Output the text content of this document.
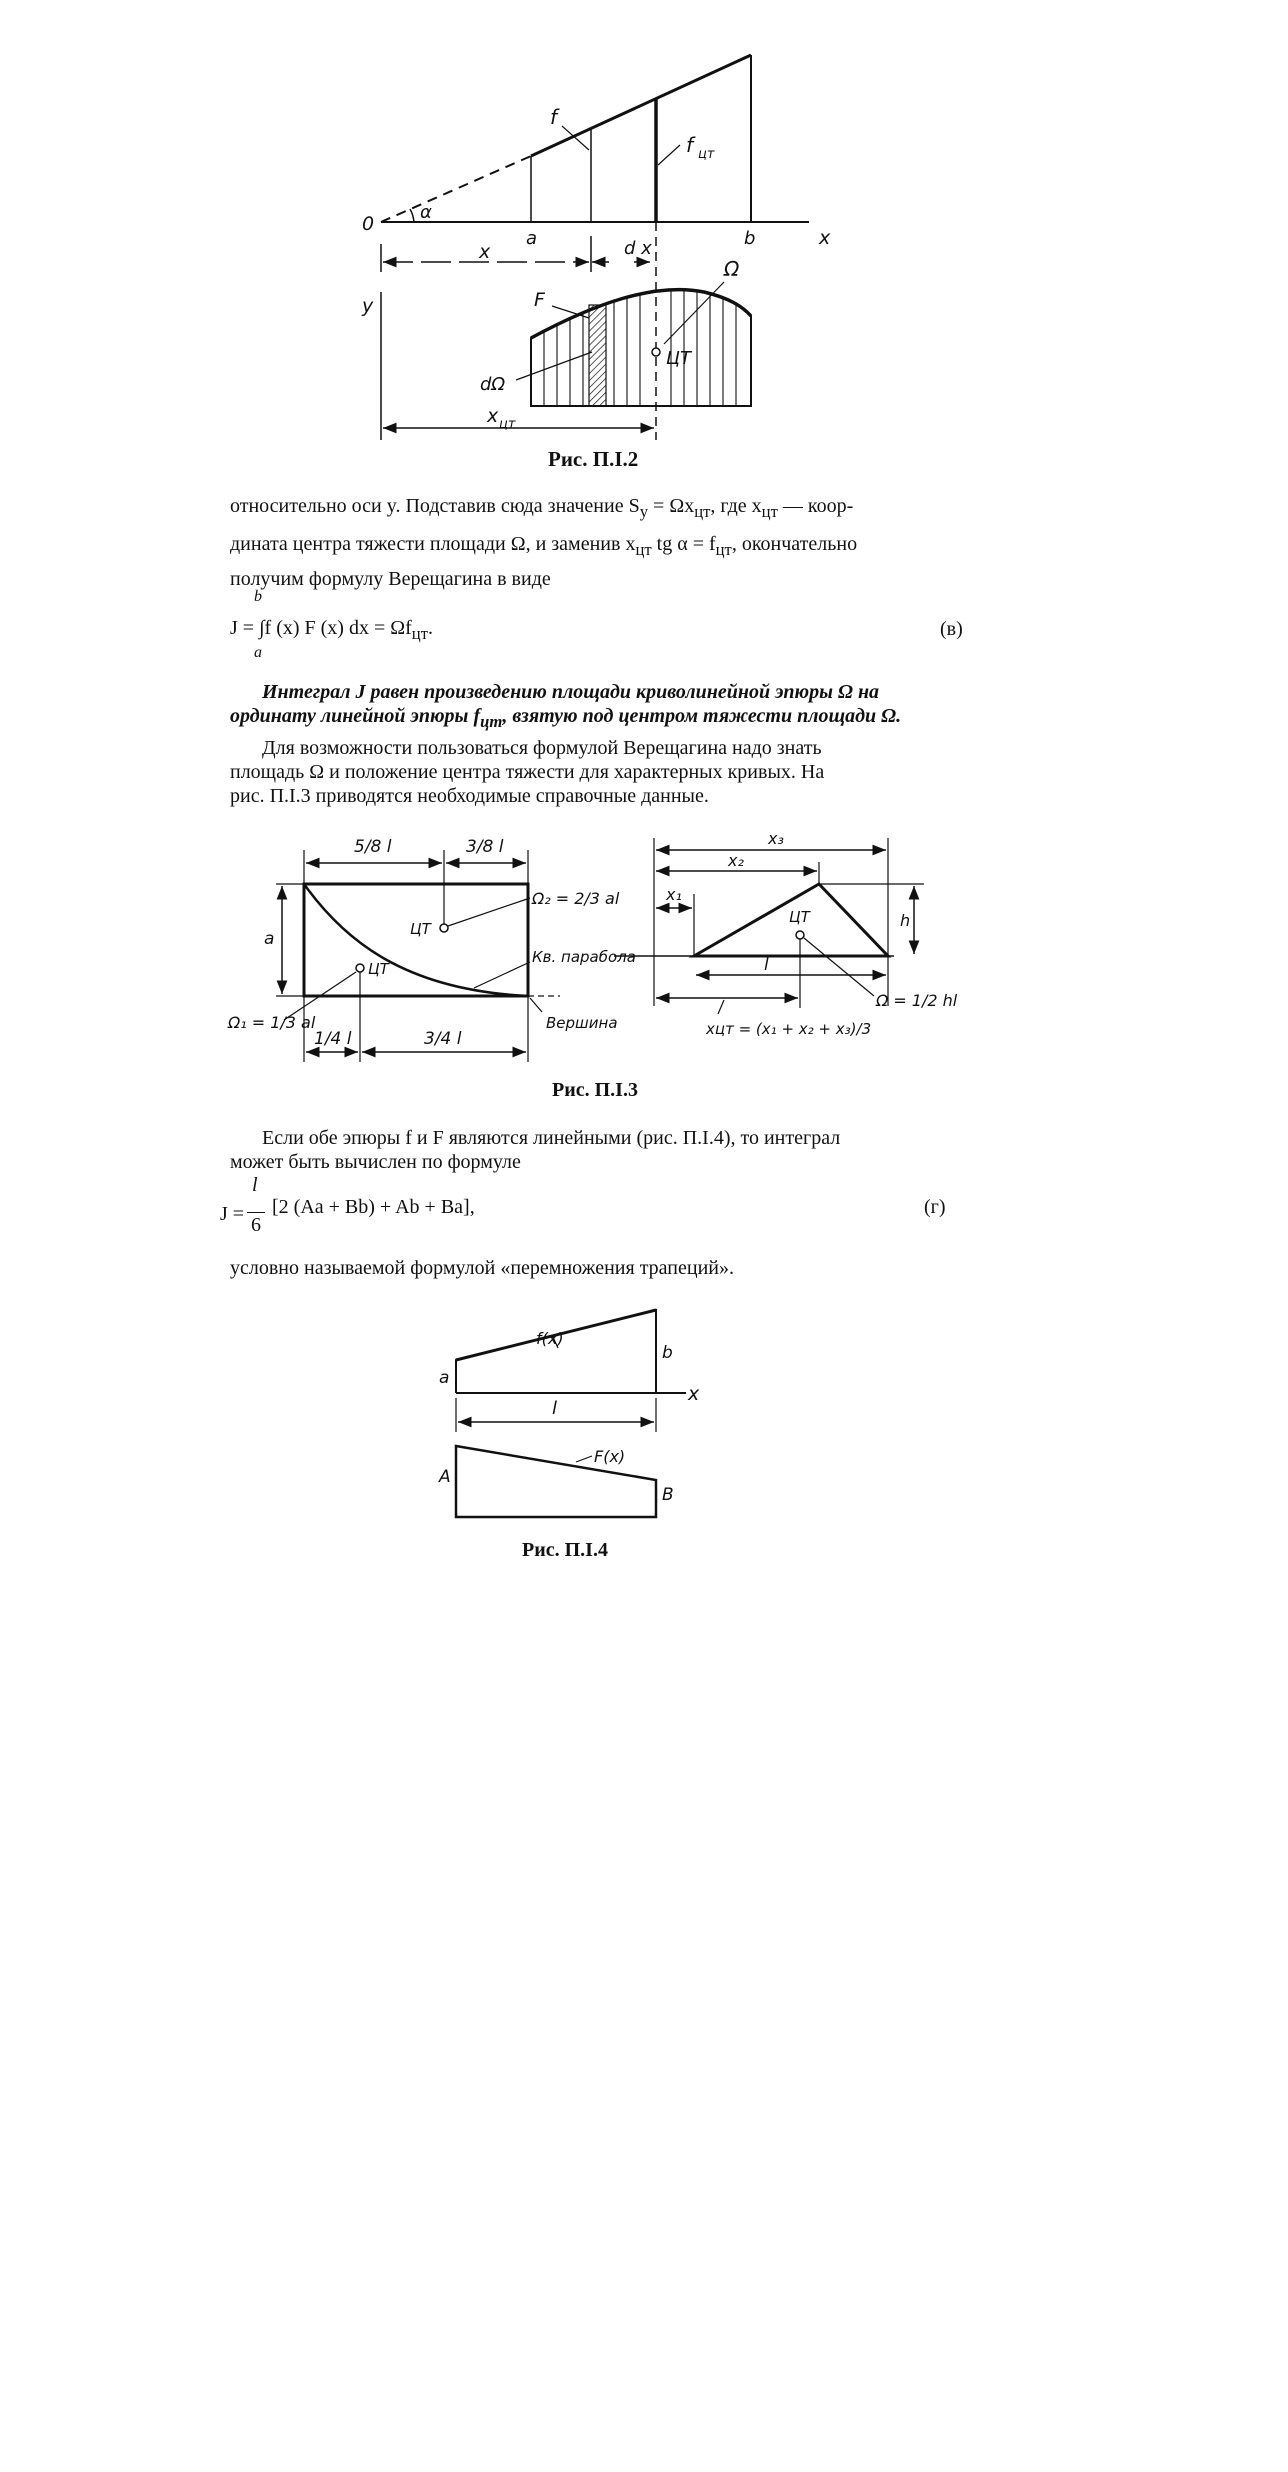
0
α
f
f цт
a	b	x
x	d x
y
ЦТ
Ω
F
dΩ
x цт
Рис. П.I.2

относительно оси y. Подставив сюда значение $S_y = \Omega x_{цт}$, где $x_{цт}$ — коор-

дината центра тяжести площади Ω, и заменив $x_{цт}$ tg $\alpha = f_{цт}$, окончательно

получим формулу Верещагина в виде

b

J = ∫f (x) F (x) dx = $\Omega f_{цт}$.

a
(в)

Интеграл J равен произведению площади криволинейной эпюры Ω на

ординату линейной эпюры $f_{цт}$, взятую под центром тяжести площади Ω.

Для возможности пользоваться формулой Верещагина надо знать

площадь Ω и положение центра тяжести для характерных кривых. На

рис. П.I.3 приводятся необходимые справочные данные.

5/8 l	3/8 l
a	ЦТ
Ω₂ = 2/3 al
ЦТ
Ω₁ = 1/3 al
Кв. парабола
Вершина
1/4 l	3/4 l
x₃
x₂
x₁
h
ЦТ
l
Ω = 1/2 hl
xцт = (x₁ + x₂ + x₃)/3
Рис. П.I.3

Если обе эпюры f и F являются линейными (рис. П.I.4), то интеграл

может быть вычислен по формуле

J =
l
6
[2 (Aa + Bb) + Ab + Ba],	(г)

условно называемой формулой «перемножения трапеций».

x
f(x)
a
b
l
F(x)
A
B
Рис. П.I.4
